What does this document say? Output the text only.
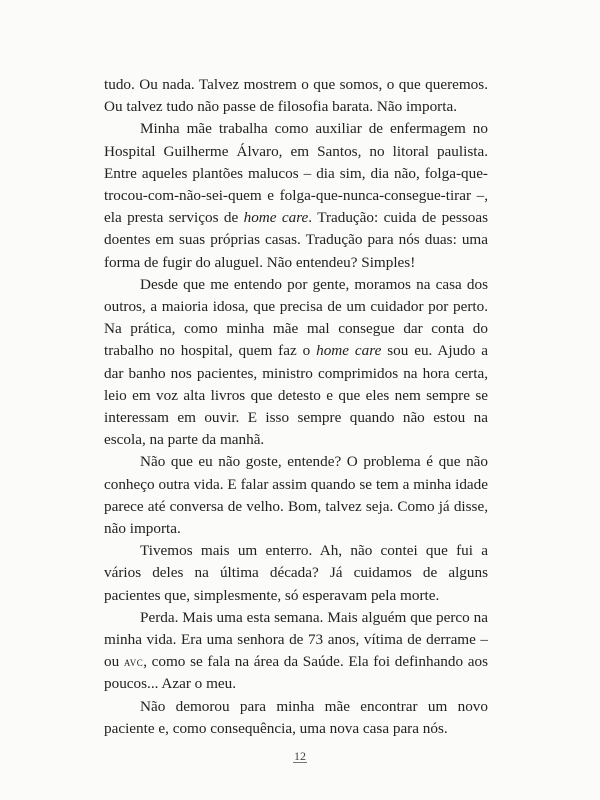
tudo. Ou nada. Talvez mostrem o que somos, o que queremos. Ou talvez tudo não passe de filosofia barata. Não importa.

Minha mãe trabalha como auxiliar de enfermagem no Hospital Guilherme Álvaro, em Santos, no litoral paulista. Entre aqueles plantões malucos – dia sim, dia não, folga-que-trocou-com-não-sei-quem e folga-que-nunca-consegue-tirar –, ela presta serviços de home care. Tradução: cuida de pessoas doentes em suas próprias casas. Tradução para nós duas: uma forma de fugir do aluguel. Não entendeu? Simples!

Desde que me entendo por gente, moramos na casa dos outros, a maioria idosa, que precisa de um cuidador por perto. Na prática, como minha mãe mal consegue dar conta do trabalho no hospital, quem faz o home care sou eu. Ajudo a dar banho nos pacientes, ministro comprimidos na hora certa, leio em voz alta livros que detesto e que eles nem sempre se interessam em ouvir. E isso sempre quando não estou na escola, na parte da manhã.

Não que eu não goste, entende? O problema é que não conheço outra vida. E falar assim quando se tem a minha idade parece até conversa de velho. Bom, talvez seja. Como já disse, não importa.

Tivemos mais um enterro. Ah, não contei que fui a vários deles na última década? Já cuidamos de alguns pacientes que, simplesmente, só esperavam pela morte.

Perda. Mais uma esta semana. Mais alguém que perco na minha vida. Era uma senhora de 73 anos, vítima de derrame – ou avc, como se fala na área da Saúde. Ela foi definhando aos poucos... Azar o meu.

Não demorou para minha mãe encontrar um novo paciente e, como consequência, uma nova casa para nós.

12
